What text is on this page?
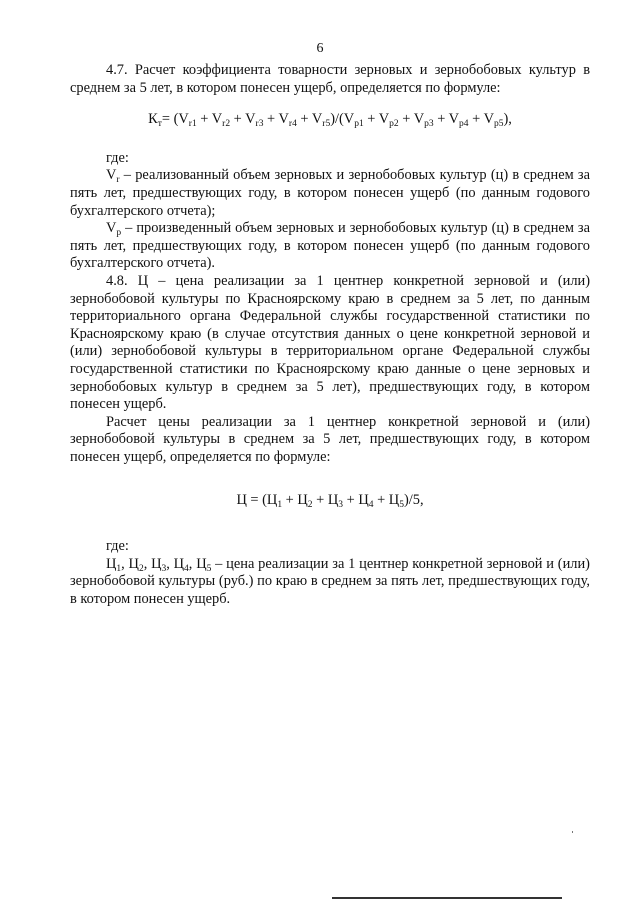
6

4.7. Расчет коэффициента товарности зерновых и зернобобовых культур в среднем за 5 лет, в котором понесен ущерб, определяется по формуле:

$К_т= (V_{r1} + V_{r2} + V_{r3} + V_{r4} + V_{r5})/(V_{p1} + V_{p2} + V_{p3} + V_{p4} + V_{p5})$,

где:

$V_r$ – реализованный объем зерновых и зернобобовых культур (ц) в среднем за пять лет, предшествующих году, в котором понесен ущерб (по данным годового бухгалтерского отчета);

$V_р$ – произведенный объем зерновых и зернобобовых культур (ц) в среднем за пять лет, предшествующих году, в котором понесен ущерб (по данным годового бухгалтерского отчета).

4.8. Ц – цена реализации за 1 центнер конкретной зерновой и (или) зернобобовой культуры по Красноярскому краю в среднем за 5 лет, по данным территориального органа Федеральной службы государственной статистики по Красноярскому краю (в случае отсутствия данных о цене конкретной зерновой и (или) зернобобовой культуры в территориальном органе Федеральной службы государственной статистики по Красноярскому краю данные о цене зерновых и зернобобовых культур в среднем за 5 лет), предшествующих году, в котором понесен ущерб.

Расчет цены реализации за 1 центнер конкретной зерновой и (или) зернобобовой культуры в среднем за 5 лет, предшествующих году, в котором понесен ущерб, определяется по формуле:

$Ц = (Ц_1 + Ц_2 + Ц_3 + Ц_4 + Ц_5)/5$,

где:

$Ц_1$, $Ц_2$, $Ц_3$, $Ц_4$, $Ц_5$ – цена реализации за 1 центнер конкретной зерновой и (или) зернобобовой культуры (руб.) по краю в среднем за пять лет, предшествующих году, в котором понесен ущерб.
